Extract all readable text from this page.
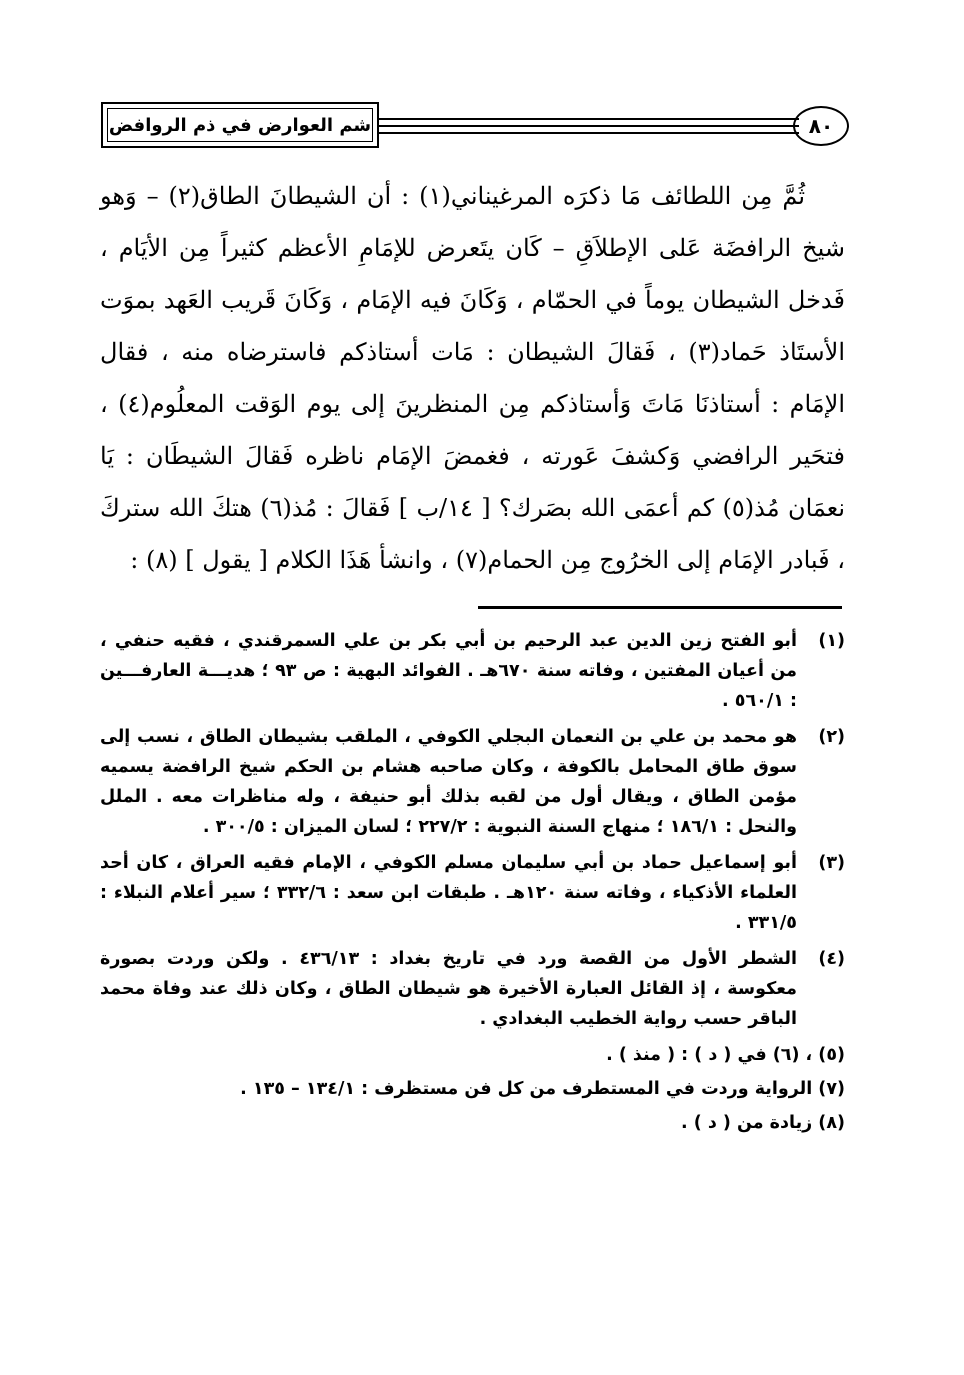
شم العوارض في ذم الروافض	٨٠

ثُمَّ مِن اللطائف مَا ذكرَه المرغيناني(١) : أن الشيطانَ الطاق(٢) – وَهو شيخ الرافضَة عَلى الإطلاَقِ – كَان يتَعرض للإمَامِ الأعظم كثيراً مِن الأيَام ، فَدخل الشيطان يوماً في الحمّام ، وَكَانَ فيه الإمَام ، وَكَانَ قَريب العَهد بموَت الأستَاذ حَماد(٣) ، فَقالَ الشيطان : مَات أستاذكم فاسترضاه منه ، فقال الإمَام : أستاذنَا مَاتَ وَأستاذكم مِن المنظرينَ إلى يوم الوَقت المعلُوم(٤) ، فتحَير الرافضي وَكشفَ عَورته ، فغمضَ الإمَام ناظره فَقالَ الشيطَان : يَا نعمَان مُذ(٥) كم أعمَى الله بصَرك؟ [ ١٤/ب ] فَقالَ : مُذ(٦) هتكَ الله ستركَ ، فَبادر الإمَام إلى الخرُوج مِن الحمام(٧) ، وانشأ هَذَا الكلام [ يقول ] (٨) :

(١)
أبو الفتح زين الدين عبد الرحيم بن أبي بكر بن علي السمرقندي ، فقيه حنفي ، من أعيان المفتين ، وفاته سنة ٦٧٠هـ . الفوائد البهية : ص ٩٣ ؛ هديـــة العارفـــين : ٥٦٠/١ .
(٢)
هو محمد بن علي بن النعمان البجلي الكوفي ، الملقب بشيطان الطاق ، نسب إلى سوق طاق المحامل بالكوفة ، وكان صاحبه هشام بن الحكم شيخ الرافضة يسميه مؤمن الطاق ، ويقال أول من لقبه بذلك أبو حنيفة ، وله مناظرات معه . الملل والنحل : ١٨٦/١ ؛ منهاج السنة النبوية : ٢٢٧/٢ ؛ لسان الميزان : ٣٠٠/٥ .
(٣)
أبو إسماعيل حماد بن أبي سليمان مسلم الكوفي ، الإمام فقيه العراق ، كان أحد العلماء الأذكياء ، وفاته سنة ١٢٠هـ . طبقات ابن سعد : ٣٣٢/٦ ؛ سير أعلام النبلاء : ٣٣١/٥ .
(٤)
الشطر الأول من القصة ورد في تاريخ بغداد : ٤٣٦/١٣ . ولكن وردت بصورة معكوسة ، إذ القائل العبارة الأخيرة هو شيطان الطاق ، وكان ذلك عند وفاة محمد الباقر حسب رواية الخطيب البغدادي .
(٥) ، (٦) في ( د ) : ( منذ ) .
(٧) الرواية وردت في المستطرف من كل فن مستظرف : ١٣٤/١ – ١٣٥ .
(٨) زيادة من ( د ) .
